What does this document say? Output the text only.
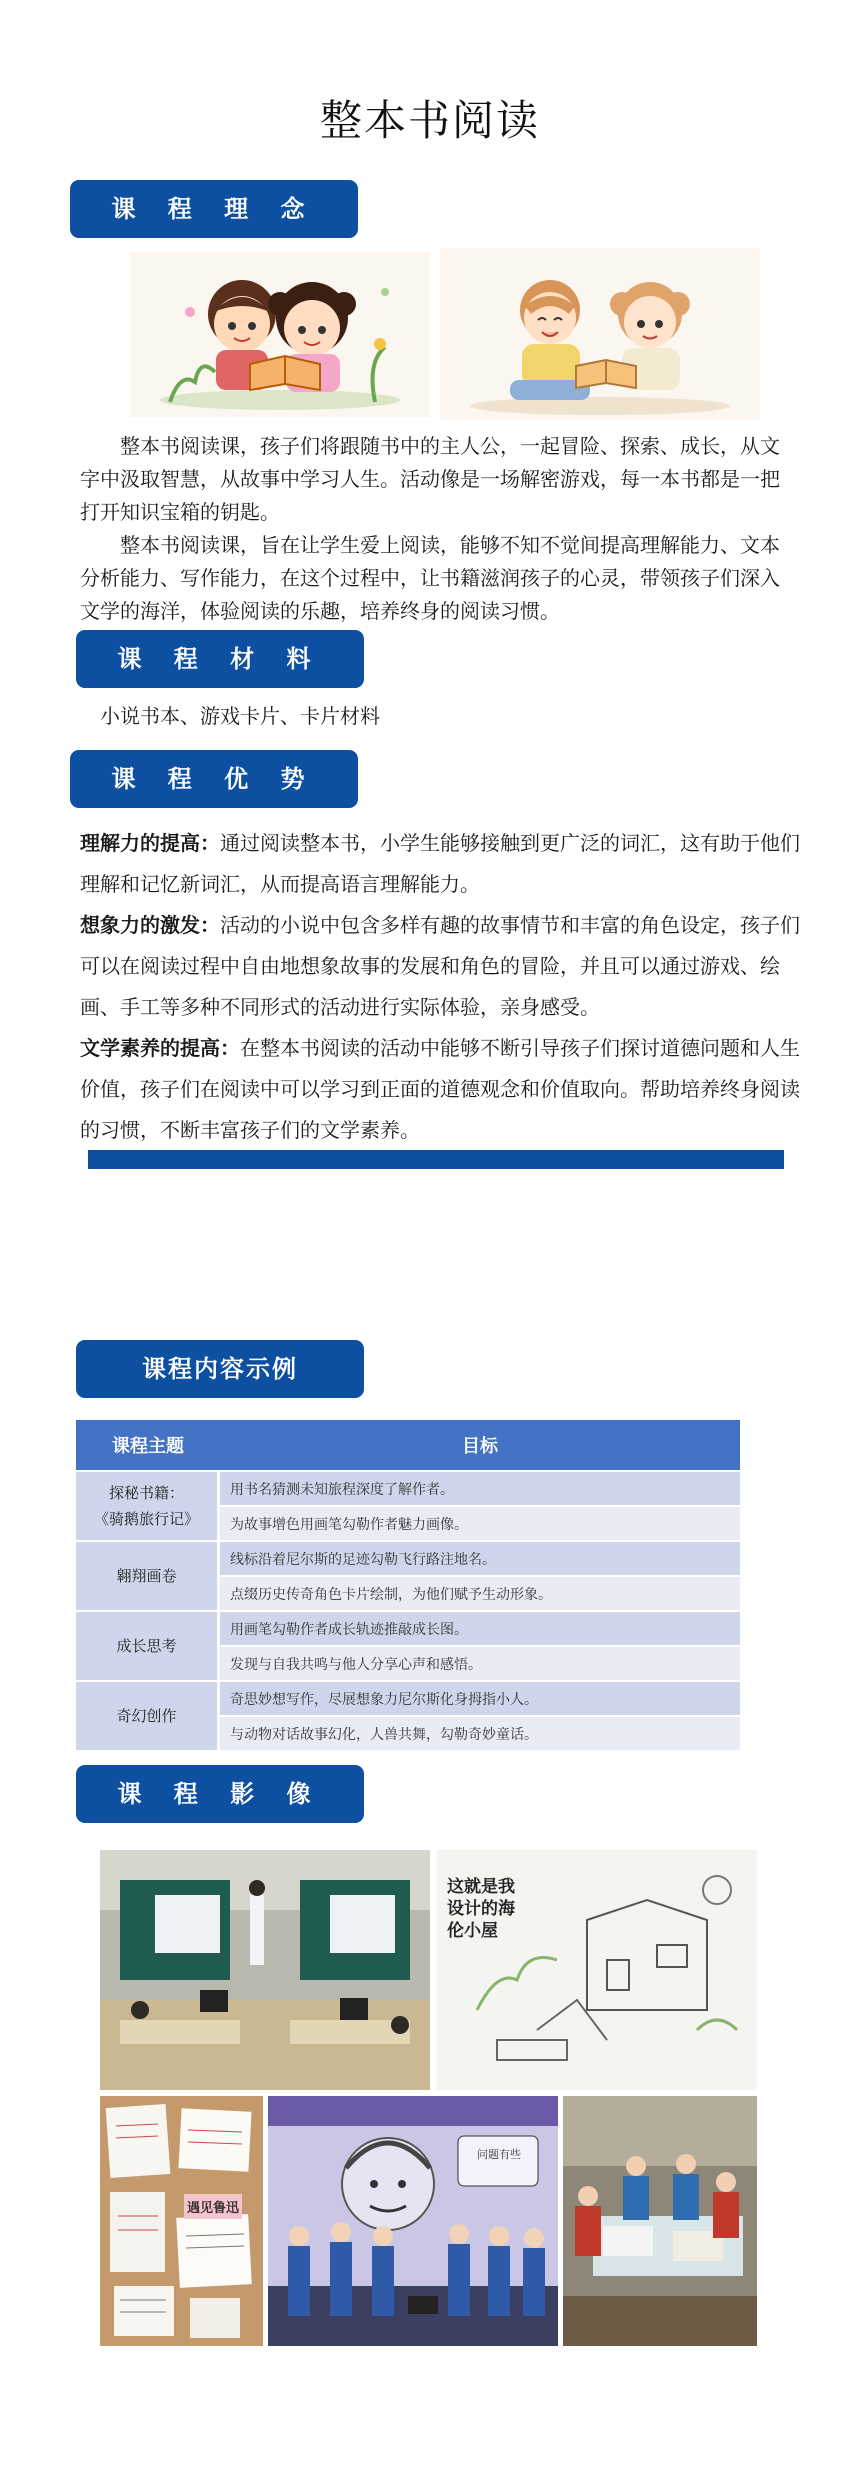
整本书阅读
课 程 理 念

整本书阅读课，孩子们将跟随书中的主人公，一起冒险、探索、成长，从文字中汲取智慧，从故事中学习人生。活动像是一场解密游戏，每一本书都是一把打开知识宝箱的钥匙。

整本书阅读课，旨在让学生爱上阅读，能够不知不觉间提高理解能力、文本分析能力、写作能力，在这个过程中，让书籍滋润孩子的心灵，带领孩子们深入文学的海洋，体验阅读的乐趣，培养终身的阅读习惯。

课 程 材 料
小说书本、游戏卡片、卡片材料
课 程 优 势

理解力的提高：通过阅读整本书，小学生能够接触到更广泛的词汇，这有助于他们理解和记忆新词汇，从而提高语言理解能力。

想象力的激发：活动的小说中包含多样有趣的故事情节和丰富的角色设定，孩子们可以在阅读过程中自由地想象故事的发展和角色的冒险，并且可以通过游戏、绘画、手工等多种不同形式的活动进行实际体验，亲身感受。

文学素养的提高：在整本书阅读的活动中能够不断引导孩子们探讨道德问题和人生价值，孩子们在阅读中可以学习到正面的道德观念和价值取向。帮助培养终身阅读的习惯，不断丰富孩子们的文学素养。

课程内容示例
课程主题	目标
探秘书籍：
《骑鹅旅行记》	用书名猜测未知旅程深度了解作者。
	为故事增色用画笔勾勒作者魅力画像。
翱翔画卷	线标沿着尼尔斯的足迹勾勒飞行路注地名。
	点缀历史传奇角色卡片绘制，为他们赋予生动形象。
成长思考	用画笔勾勒作者成长轨迹推敲成长图。
	发现与自我共鸣与他人分享心声和感悟。
奇幻创作	奇思妙想写作，尽展想象力尼尔斯化身拇指小人。
	与动物对话故事幻化，人兽共舞，勾勒奇妙童话。
课 程 影 像
这就是我设计的海伦小屋
遇见鲁迅
问题有些
